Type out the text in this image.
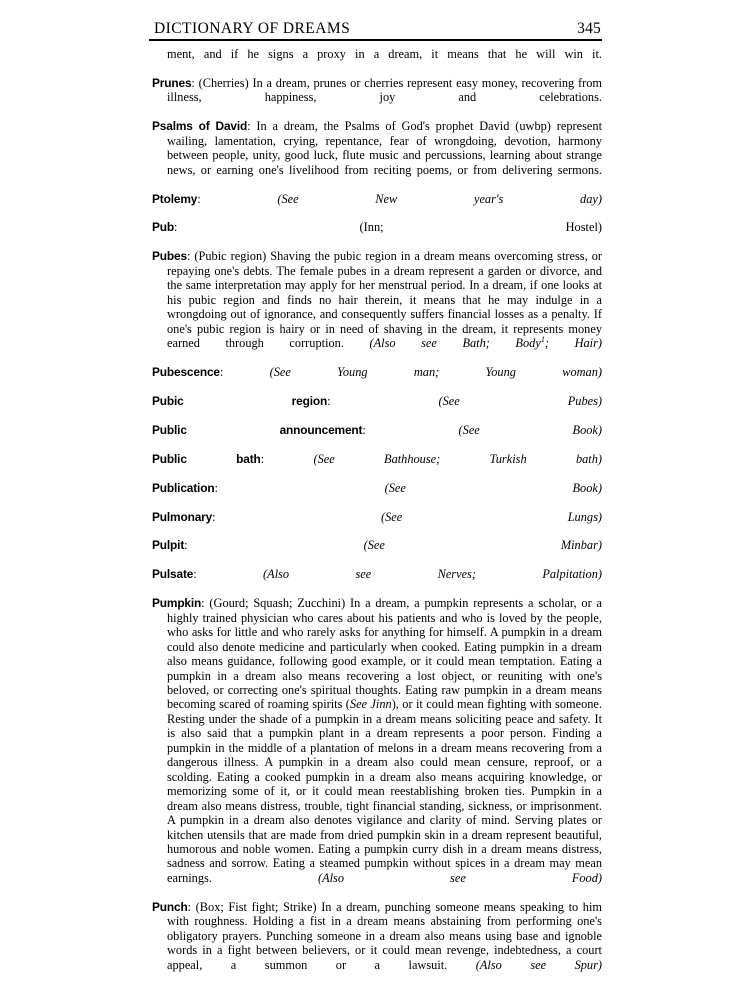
DICTIONARY OF DREAMS	345

ment, and if he signs a proxy in a dream, it means that he will win it.

Prunes: (Cherries) In a dream, prunes or cherries represent easy money, recovering from illness, happiness, joy and celebrations.

Psalms of David: In a dream, the Psalms of God's prophet David (uwbp) represent wailing, lamentation, crying, repentance, fear of wrongdoing, devotion, harmony between people, unity, good luck, flute music and percussions, learning about strange news, or earning one's livelihood from reciting poems, or from delivering sermons.

Ptolemy: (See New year's day)

Pub: (Inn; Hostel)

Pubes: (Pubic region) Shaving the pubic region in a dream means overcoming stress, or repaying one's debts. The female pubes in a dream represent a garden or divorce, and the same interpretation may apply for her menstrual period. In a dream, if one looks at his pubic region and finds no hair therein, it means that he may indulge in a wrongdoing out of ignorance, and consequently suffers financial losses as a penalty. If one's pubic region is hairy or in need of shaving in the dream, it represents money earned through corruption. (Also see Bath; Body$^1$; Hair)

Pubescence: (See Young man; Young woman)

Pubic region: (See Pubes)

Public announcement: (See Book)

Public bath: (See Bathhouse; Turkish bath)

Publication: (See Book)

Pulmonary: (See Lungs)

Pulpit: (See Minbar)

Pulsate: (Also see Nerves; Palpitation)

Pumpkin: (Gourd; Squash; Zucchini) In a dream, a pumpkin represents a scholar, or a highly trained physician who cares about his patients and who is loved by the people, who asks for little and who rarely asks for anything for himself. A pumpkin in a dream could also denote medicine and particularly when cooked. Eating pumpkin in a dream also means guidance, following good example, or it could mean temptation. Eating a pumpkin in a dream also means recovering a lost object, or reuniting with one's beloved, or correcting one's spiritual thoughts. Eating raw pumpkin in a dream means becoming scared of roaming spirits (See Jinn), or it could mean fighting with someone. Resting under the shade of a pumpkin in a dream means soliciting peace and safety. It is also said that a pumpkin plant in a dream represents a poor person. Finding a pumpkin in the middle of a plantation of melons in a dream means recovering from a dangerous illness. A pumpkin in a dream also could mean censure, reproof, or a scolding. Eating a cooked pumpkin in a dream also means acquiring knowledge, or memorizing some of it, or it could mean reestablishing broken ties. Pumpkin in a dream also means distress, trouble, tight financial standing, sickness, or imprisonment. A pumpkin in a dream also denotes vigilance and clarity of mind. Serving plates or kitchen utensils that are made from dried pumpkin skin in a dream represent beautiful, humorous and noble women. Eating a pumpkin curry dish in a dream means distress, sadness and sorrow. Eating a steamed pumpkin without spices in a dream may mean earnings. (Also see Food)

Punch: (Box; Fist fight; Strike) In a dream, punching someone means speaking to him with roughness. Holding a fist in a dream means abstaining from performing one's obligatory prayers. Punching someone in a dream also means using base and ignoble words in a fight between believers, or it could mean revenge, indebtedness, a court appeal, a summon or a lawsuit. (Also see Spur)
